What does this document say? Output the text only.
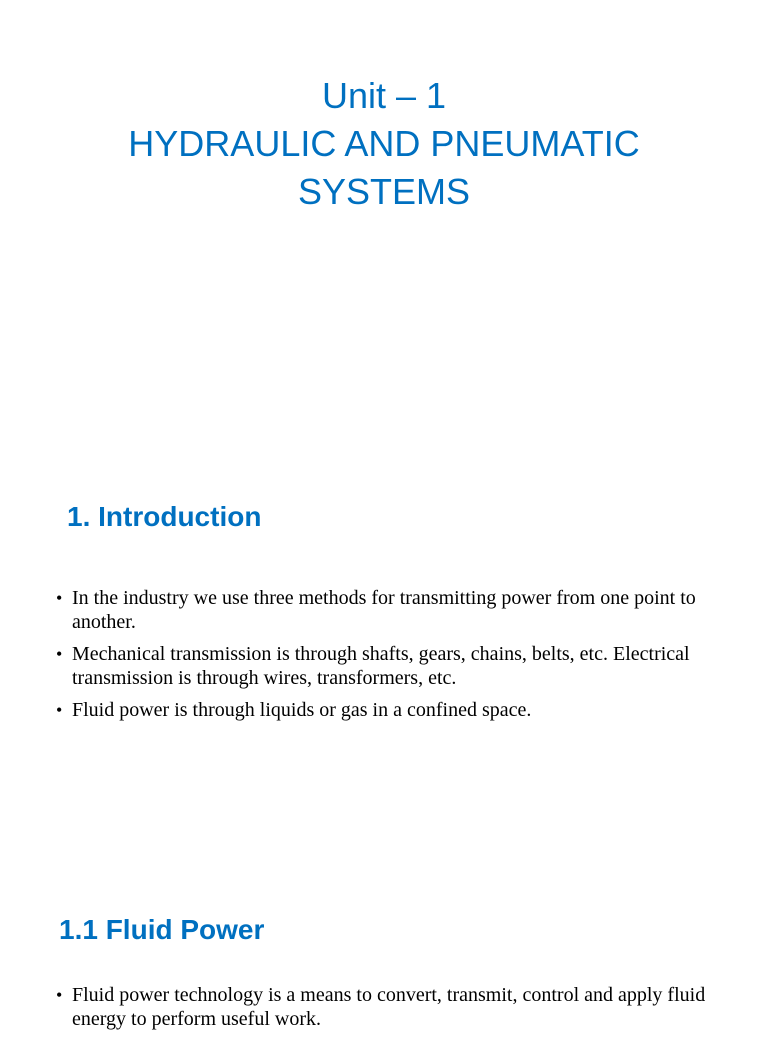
Unit – 1
HYDRAULIC AND PNEUMATIC
SYSTEMS
1. Introduction
• In the industry we use three methods for transmitting power from one point to another.
• Mechanical transmission is through shafts, gears, chains, belts, etc. Electrical transmission is through wires, transformers, etc.
• Fluid power is through liquids or gas in a confined space.
1.1 Fluid Power
• Fluid power technology is a means to convert, transmit, control and apply fluid energy to perform useful work.
